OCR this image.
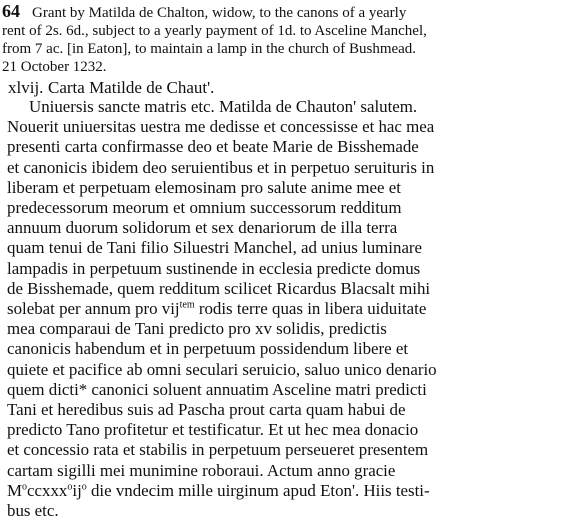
64 Grant by Matilda de Chalton, widow, to the canons of a yearly
rent of 2s. 6d., subject to a yearly payment of 1d. to Asceline Manchel,
from 7 ac. [in Eaton], to maintain a lamp in the church of Bushmead.
21 October 1232.
xlvij. Carta Matilde de Chaut'.
Uniuersis sancte matris etc. Matilda de Chauton' salutem.
Nouerit uniuersitas uestra me dedisse et concessisse et hac mea
presenti carta confirmasse deo et beate Marie de Bisshemade
et canonicis ibidem deo seruientibus et in perpetuo seruituris in
liberam et perpetuam elemosinam pro salute anime mee et
predecessorum meorum et omnium successorum redditum
annuum duorum solidorum et sex denariorum de illa terra
quam tenui de Tani filio Siluestri Manchel, ad unius luminare
lampadis in perpetuum sustinende in ecclesia predicte domus
de Bisshemade, quem redditum scilicet Ricardus Blacsalt mihi
solebat per annum pro vij$^{tem}$ rodis terre quas in libera uiduitate
mea comparaui de Tani predicto pro xv solidis, predictis
canonicis habendum et in perpetuum possidendum libere et
quiete et pacifice ab omni seculari seruicio, saluo unico denario
quem dicti* canonici soluent annuatim Asceline matri predicti
Tani et heredibus suis ad Pascha prout carta quam habui de
predicto Tano profitetur et testificatur. Et ut hec mea donacio
et concessio rata et stabilis in perpetuum perseueret presentem
cartam sigilli mei munimine roboraui. Actum anno gracie
$M^occxxx^oij^o$ die vndecim mille uirginum apud Eton'. Hiis testi-
bus etc.
